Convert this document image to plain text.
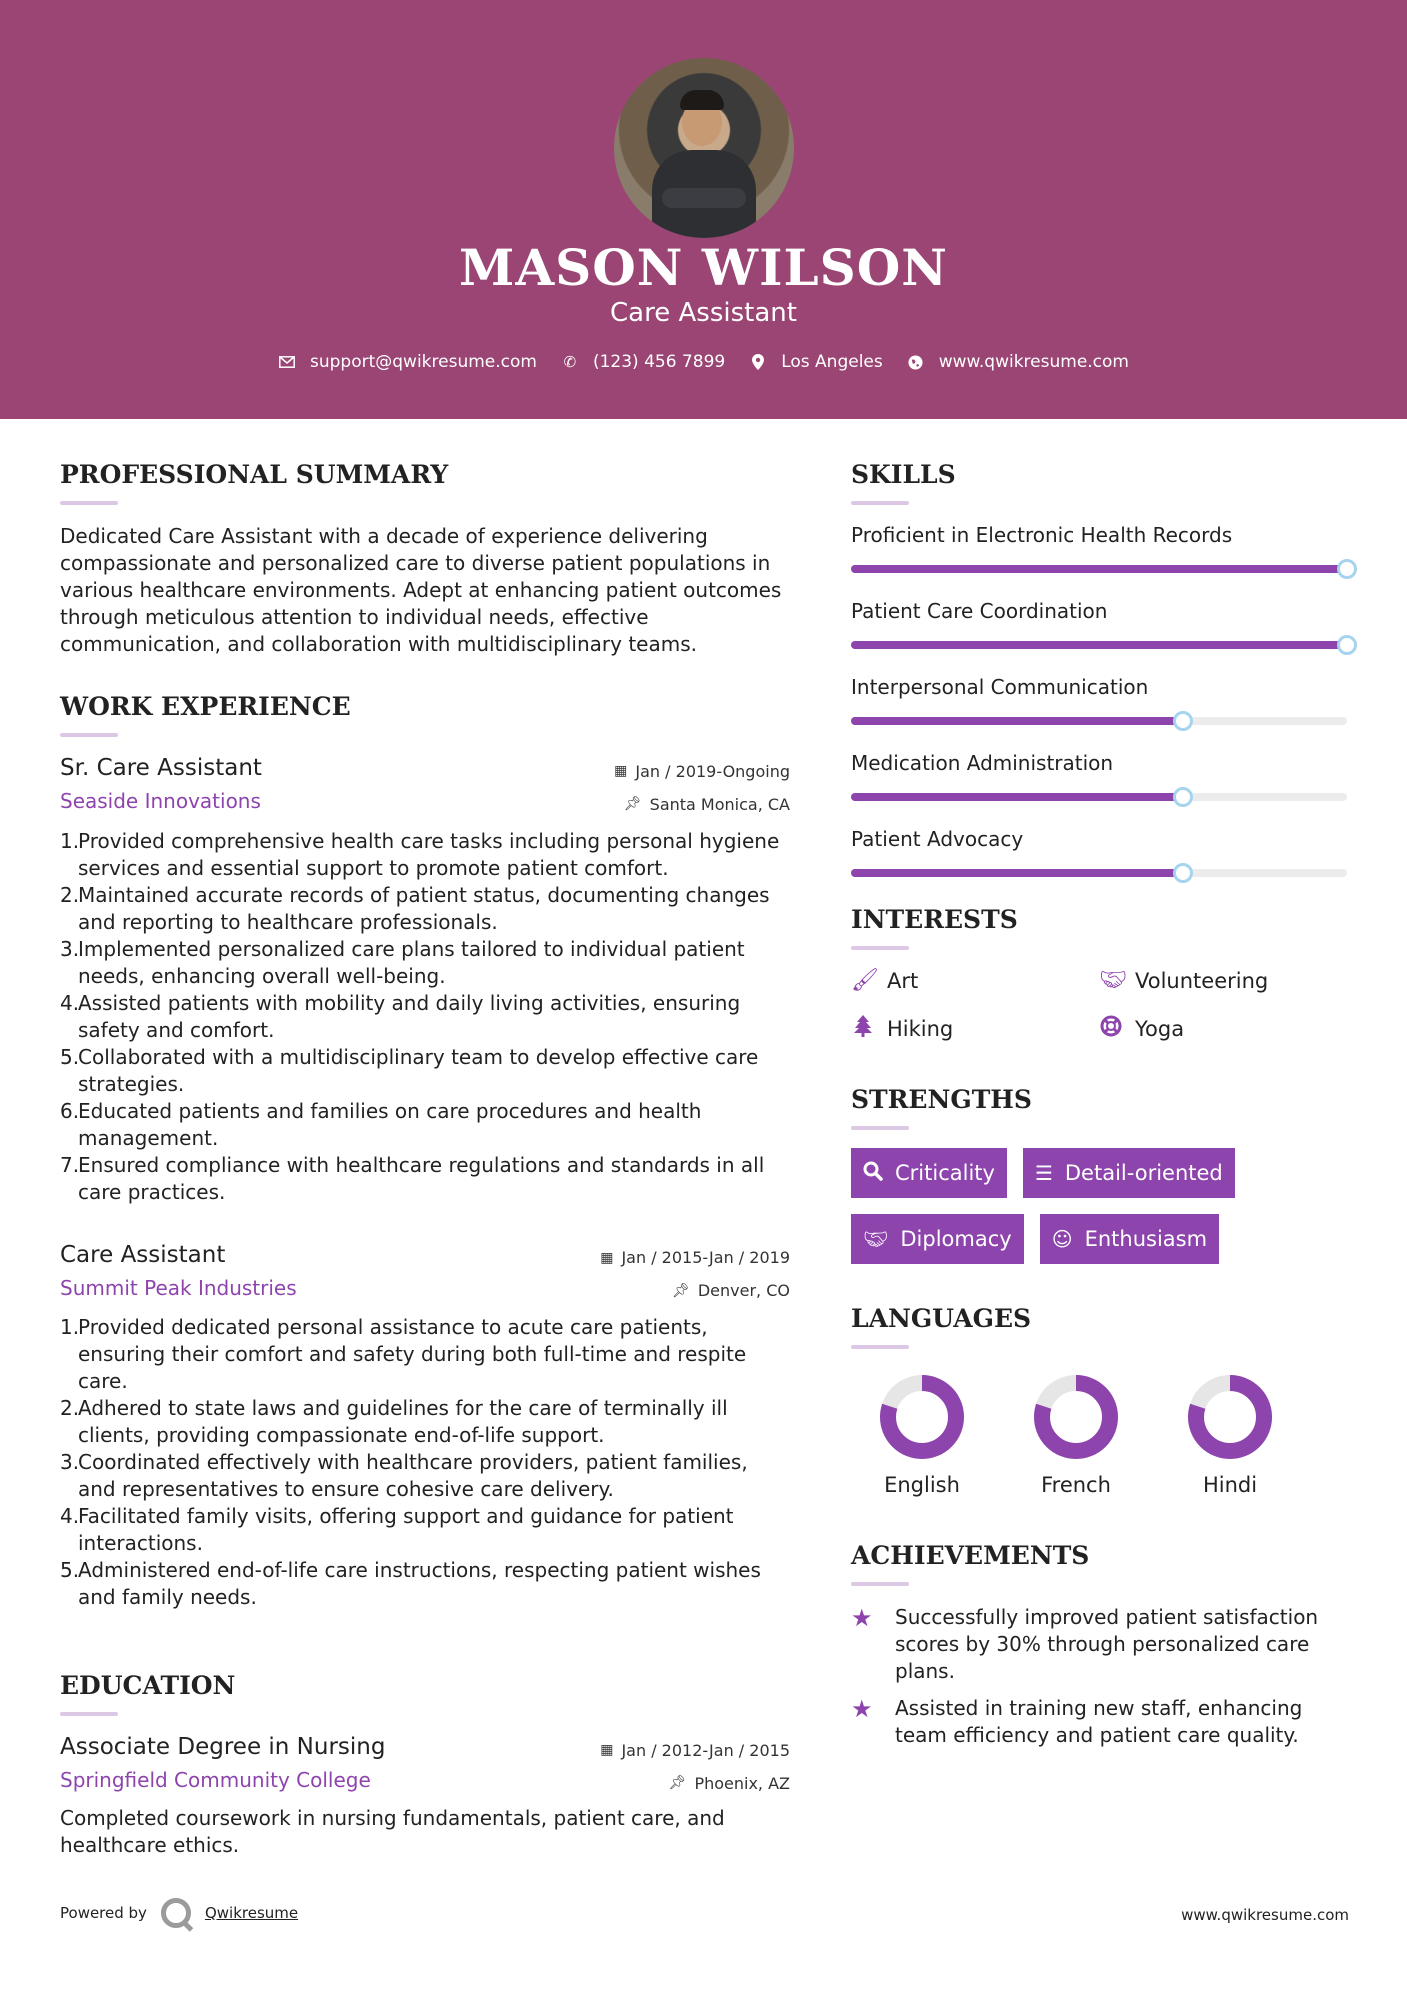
MASON WILSON
Care Assistant
support@qwikresume.com ✆ (123) 456 7899	Los Angeles	www.qwikresume.com
PROFESSIONAL SUMMARY
Dedicated Care Assistant with a decade of experience delivering compassionate and personalized care to diverse patient populations in various healthcare environments. Adept at enhancing patient outcomes through meticulous attention to individual needs, effective communication, and collaboration with multidisciplinary teams.
WORK EXPERIENCE
Sr. Care Assistant	▦ Jan / 2019-Ongoing
Seaside Innovations	📌︎ Santa Monica, CA
1.
Provided comprehensive health care tasks including personal hygiene services and essential support to promote patient comfort.
2.
Maintained accurate records of patient status, documenting changes and reporting to healthcare professionals.
3.
Implemented personalized care plans tailored to individual patient needs, enhancing overall well-being.
4.
Assisted patients with mobility and daily living activities, ensuring safety and comfort.
5.
Collaborated with a multidisciplinary team to develop effective care strategies.
6.
Educated patients and families on care procedures and health management.
7.
Ensured compliance with healthcare regulations and standards in all care practices.
Care Assistant	▦ Jan / 2015-Jan / 2019
Summit Peak Industries	📌︎ Denver, CO
1.
Provided dedicated personal assistance to acute care patients, ensuring their comfort and safety during both full-time and respite care.
2.
Adhered to state laws and guidelines for the care of terminally ill clients, providing compassionate end-of-life support.
3.
Coordinated effectively with healthcare providers, patient families, and representatives to ensure cohesive care delivery.
4.
Facilitated family visits, offering support and guidance for patient interactions.
5.
Administered end-of-life care instructions, respecting patient wishes and family needs.
EDUCATION
Associate Degree in Nursing	▦ Jan / 2012-Jan / 2015
Springfield Community College	📌︎ Phoenix, AZ
Completed coursework in nursing fundamentals, patient care, and healthcare ethics.
SKILLS
Proficient in Electronic Health Records
Patient Care Coordination
Interpersonal Communication
Medication Administration
Patient Advocacy
INTERESTS
🖌︎ Art	🤝︎ Volunteering
Hiking	Yoga
STRENGTHS
Criticality ☰ Detail-oriented
🤝︎ Diplomacy ☺ Enthusiasm
LANGUAGES
English	French	Hindi
ACHIEVEMENTS
★	Successfully improved patient satisfaction scores by 30% through personalized care plans.
★	Assisted in training new staff, enhancing team efficiency and patient care quality.
Powered by	Qwikresume	www.qwikresume.com
